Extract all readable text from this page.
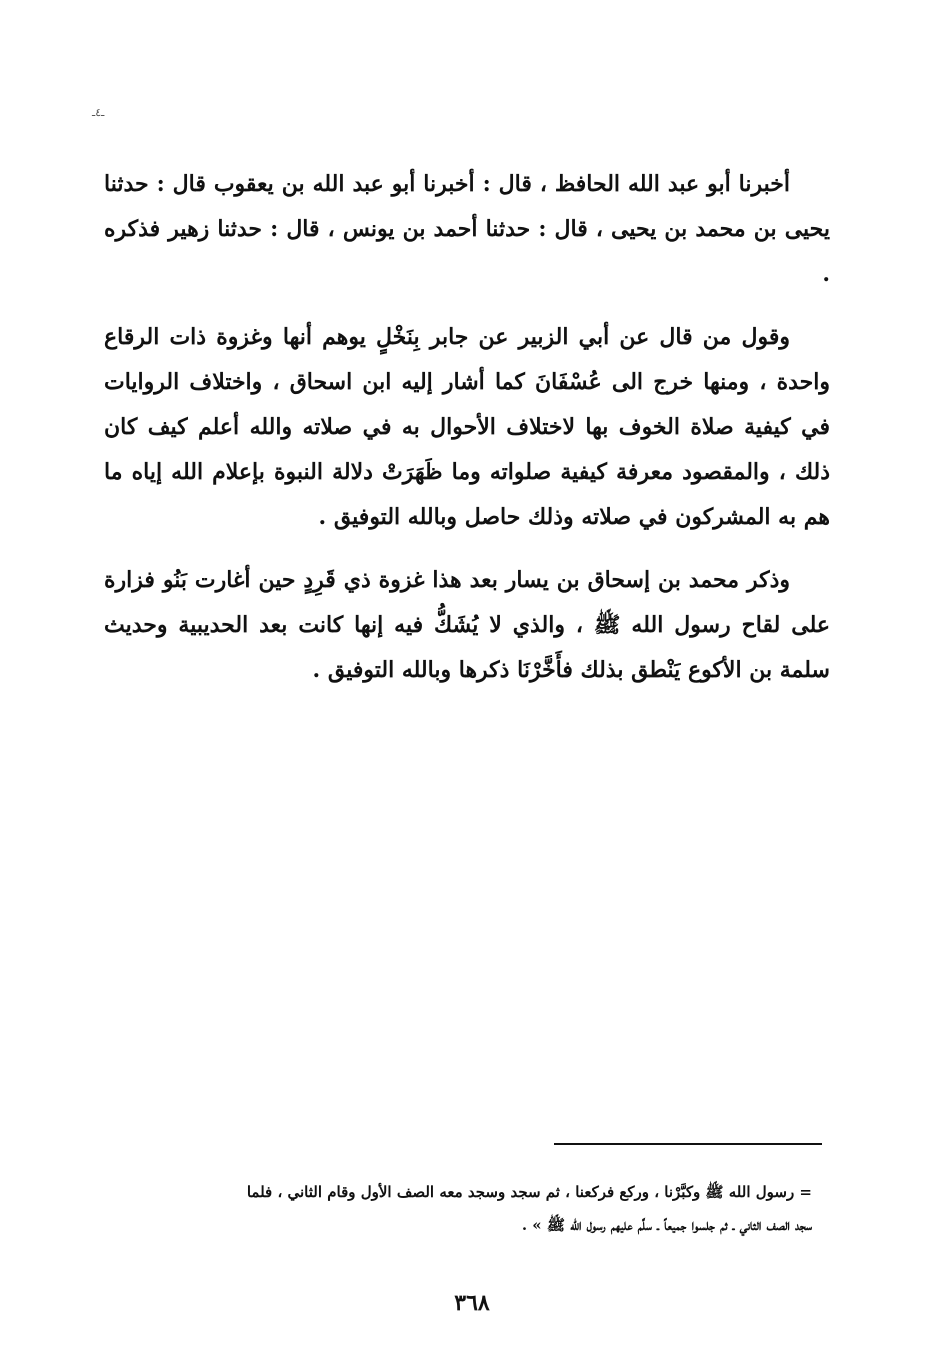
ـ٤ـ

أخبرنا أبو عبد الله الحافظ ، قال : أخبرنا أبو عبد الله بن يعقوب قال : حدثنا يحيى بن محمد بن يحيى ، قال : حدثنا أحمد بن يونس ، قال : حدثنا زهير فذكره .

وقول من قال عن أبي الزبير عن جابر بِنَخْلٍ يوهم أنها وغزوة ذات الرقاع واحدة ، ومنها خرج الى عُسْفَانَ كما أشار إليه ابن اسحاق ، واختلاف الروايات في كيفية صلاة الخوف بها لاختلاف الأحوال به في صلاته والله أعلم كيف كان ذلك ، والمقصود معرفة كيفية صلواته وما ظَهَرَتْ دلالة النبوة بإعلام الله إياه ما هم به المشركون في صلاته وذلك حاصل وبالله التوفيق .

وذكر محمد بن إسحاق بن يسار بعد هذا غزوة ذي قَرِدٍ حين أغارت بَنُو فزارة على لقاح رسول الله ﷺ ، والذي لا يُشَكُّ فيه إنها كانت بعد الحديبية وحديث سلمة بن الأكوع يَنْطق بذلك فأَخَّرْنَا ذكرها وبالله التوفيق .

= رسول الله ﷺ وكبَّرْنا ، وركع فركعنا ، ثم سجد وسجد معه الصف الأول وقام الثاني ، فلما

سجد الصف الثاني ـ ثم جلسوا جميعاً ـ سلَّم عليهم رسول الله ﷺ » .

٣٦٨
